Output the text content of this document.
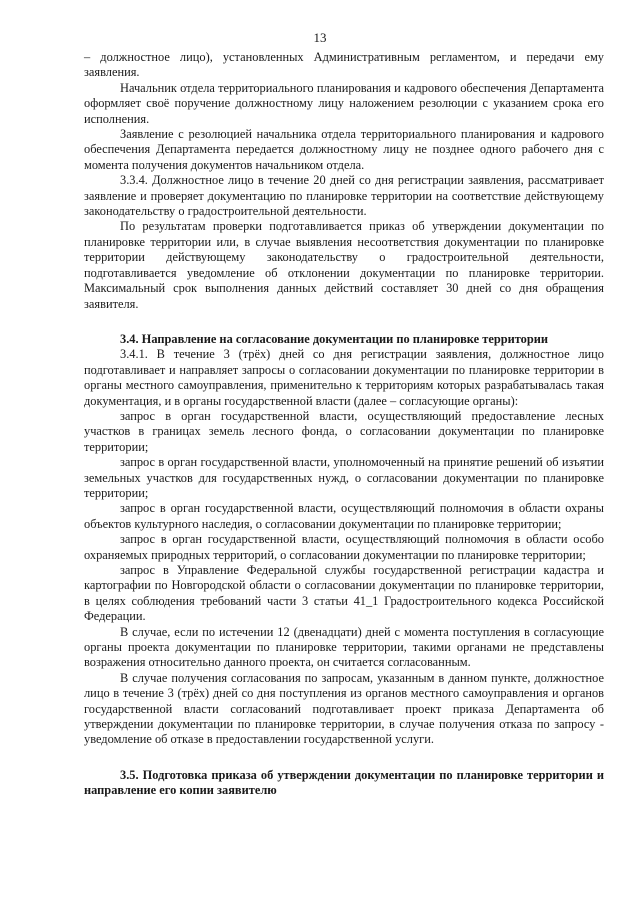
13

– должностное лицо), установленных Административным регламентом, и передачи ему заявления.

Начальник отдела территориального планирования и кадрового обеспечения Департамента оформляет своё поручение должностному лицу наложением резолюции с указанием срока его исполнения.

Заявление с резолюцией начальника отдела территориального планирования и кадрового обеспечения Департамента передается должностному лицу не позднее одного рабочего дня с момента получения документов начальником отдела.

3.3.4. Должностное лицо в течение 20 дней со дня регистрации заявления, рассматривает заявление и проверяет документацию по планировке территории на соответствие действующему законодательству о градостроительной деятельности.

По результатам проверки подготавливается приказ об утверждении документации по планировке территории или, в случае выявления несоответствия документации по планировке территории действующему законодательству о градостроительной деятельности, подготавливается уведомление об отклонении документации по планировке территории. Максимальный срок выполнения данных действий составляет 30 дней со дня обращения заявителя.

3.4. Направление на согласование документации по планировке территории

3.4.1. В течение 3 (трёх) дней со дня регистрации заявления, должностное лицо подготавливает и направляет запросы о согласовании документации по планировке территории в органы местного самоуправления, применительно к территориям которых разрабатывалась такая документация, и в органы государственной власти (далее – согласующие органы):

запрос в орган государственной власти, осуществляющий предоставление лесных участков в границах земель лесного фонда, о согласовании документации по планировке территории;

запрос в орган государственной власти, уполномоченный на принятие решений об изъятии земельных участков для государственных нужд, о согласовании документации по планировке территории;

запрос в орган государственной власти, осуществляющий полномочия в области охраны объектов культурного наследия, о согласовании документации по планировке территории;

запрос в орган государственной власти, осуществляющий полномочия в области особо охраняемых природных территорий, о согласовании документации по планировке территории;

запрос в Управление Федеральной службы государственной регистрации кадастра и картографии по Новгородской области о согласовании документации по планировке территории, в целях соблюдения требований части 3 статьи 41_1 Градостроительного кодекса Российской Федерации.

В случае, если по истечении 12 (двенадцати) дней с момента поступления в согласующие органы проекта документации по планировке территории, такими органами не представлены возражения относительно данного проекта, он считается согласованным.

В случае получения согласования по запросам, указанным в данном пункте, должностное лицо в течение 3 (трёх) дней со дня поступления из органов местного самоуправления и органов государственной власти согласований подготавливает проект приказа Департамента об утверждении документации по планировке территории, в случае получения отказа по запросу - уведомление об отказе в предоставлении государственной услуги.

3.5. Подготовка приказа об утверждении документации по планировке территории и направление его копии заявителю
